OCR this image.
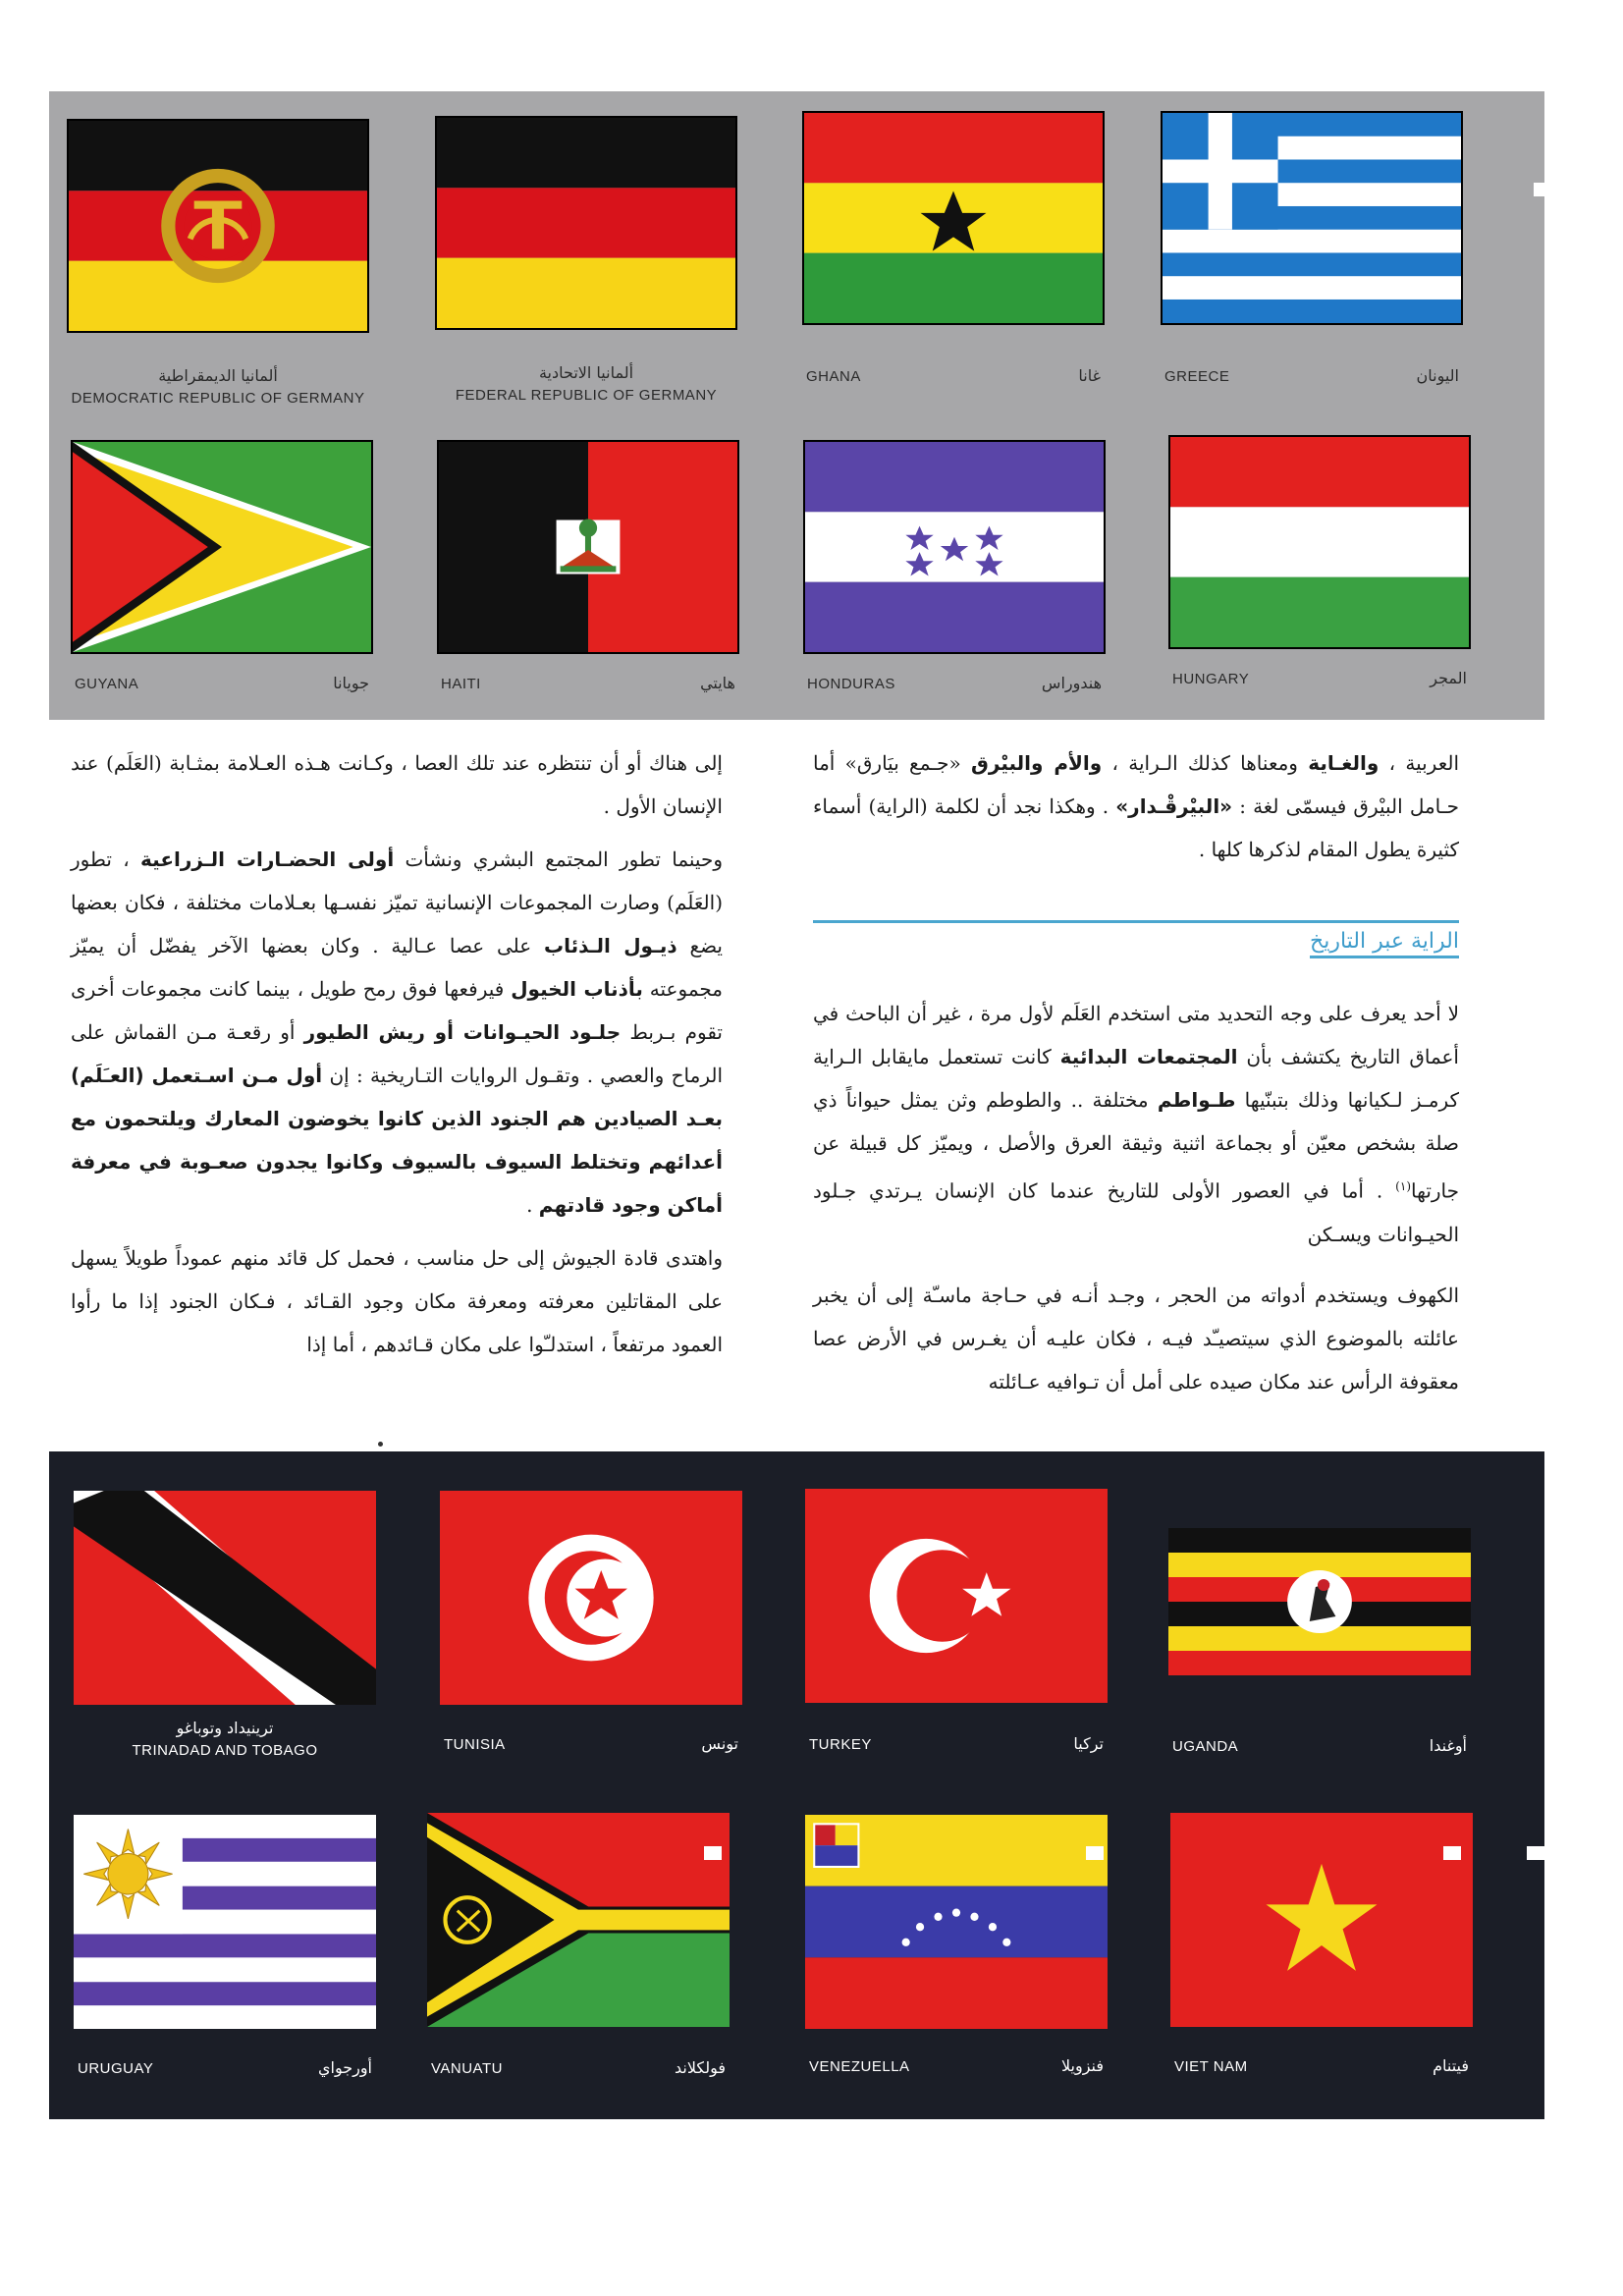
ألمانيا الديمقراطية
DEMOCRATIC REPUBLIC OF GERMANY
ألمانيا الاتحادية
FEDERAL REPUBLIC OF GERMANY
GHANA	غانا	GREECE	اليونان
GUYANA	جويانا	HAITI	هايتي	HONDURAS	هندوراس	HUNGARY	المجر

العربية ، والغـاية ومعناها كذلك الـراية ، والأم والبيْرق «جـمع بيَارق» أما حـامل البيْرق فيسمّى لغة : «البيْرقْـدار» . وهكذا نجد أن لكلمة (الراية) أسماء كثيرة يطول المقام لذكرها كلها .

الراية عبر التاريخ

لا أحد يعرف على وجه التحديد متى استخدم العَلَم لأول مرة ، غير أن الباحث في أعماق التاريخ يكتشف بأن المجتمعات البدائية كانت تستعمل مايقابل الـراية كرمـز لـكيانها وذلك بتبنّيها طـواطم مختلفة .. والطوطم وثن يمثل حيواناً ذي صلة بشخص معيّن أو بجماعة اثنية وثيقة العرق والأصل ، ويميّز كل قبيلة عن جارتها$^{(١)}$ . أما في العصور الأولى للتاريخ عندما كان الإنسان يـرتدي جـلود الحيـوانات ويسـكن

الكهوف ويستخدم أدواته من الحجر ، وجـد أنـه في حـاجة ماسـّة إلى أن يخبر عائلته بالموضوع الذي سيتصيـّد فيـه ، فكان عليـه أن يغـرس في الأرض عصا معقوفة الرأس عند مكان صيده على أمل أن تـوافيه عـائلته

إلى هناك أو أن تنتظره عند تلك العصا ، وكـانت هـذه العـلامة بمثـابة (العَلَم) عند الإنسان الأول .

وحينما تطور المجتمع البشري ونشأت أولى الحضـارات الـزراعية ، تطور (العَلَم) وصارت المجموعات الإنسانية تميّز نفسـها بعـلامات مختلفة ، فكان بعضها يضع ذيـول الـذئاب على عصا عـالية . وكان بعضها الآخر يفضّل أن يميّز مجموعته بأذناب الخيول فيرفعها فوق رمح طويل ، بينما كانت مجموعات أخرى تقوم بـربط جلـود الحيـوانات أو ريش الطيور أو رقعـة مـن القماش على الرماح والعصي . وتقـول الروايات التـاريخية : إن أول مـن اسـتعمل (العـَلَم) بعـد الصيادين هم الجنود الذين كانوا يخوضون المعارك ويلتحمون مع أعدائهم وتختلط السيوف بالسيوف وكانوا يجدون صعـوبة في معرفة أماكن وجود قادتهم .

واهتدى قادة الجيوش إلى حل مناسب ، فحمل كل قائد منهم عموداً طويلاً يسهل على المقاتلين معرفته ومعرفة مكان وجود القـائد ، فـكان الجنود إذا ما رأوا العمود مرتفعاً ، استدلـّوا على مكان قـائدهم ، أما إذا

ترينيداد وتوباغو
TRINADAD AND TOBAGO	TUNISIA	تونس	TURKEY	تركيا	UGANDA	أوغندا
URUGUAY	أورجواي	VANUATU	فولكلاند	VENEZUELLA	فنزويلا	VIET NAM	فيتنام
